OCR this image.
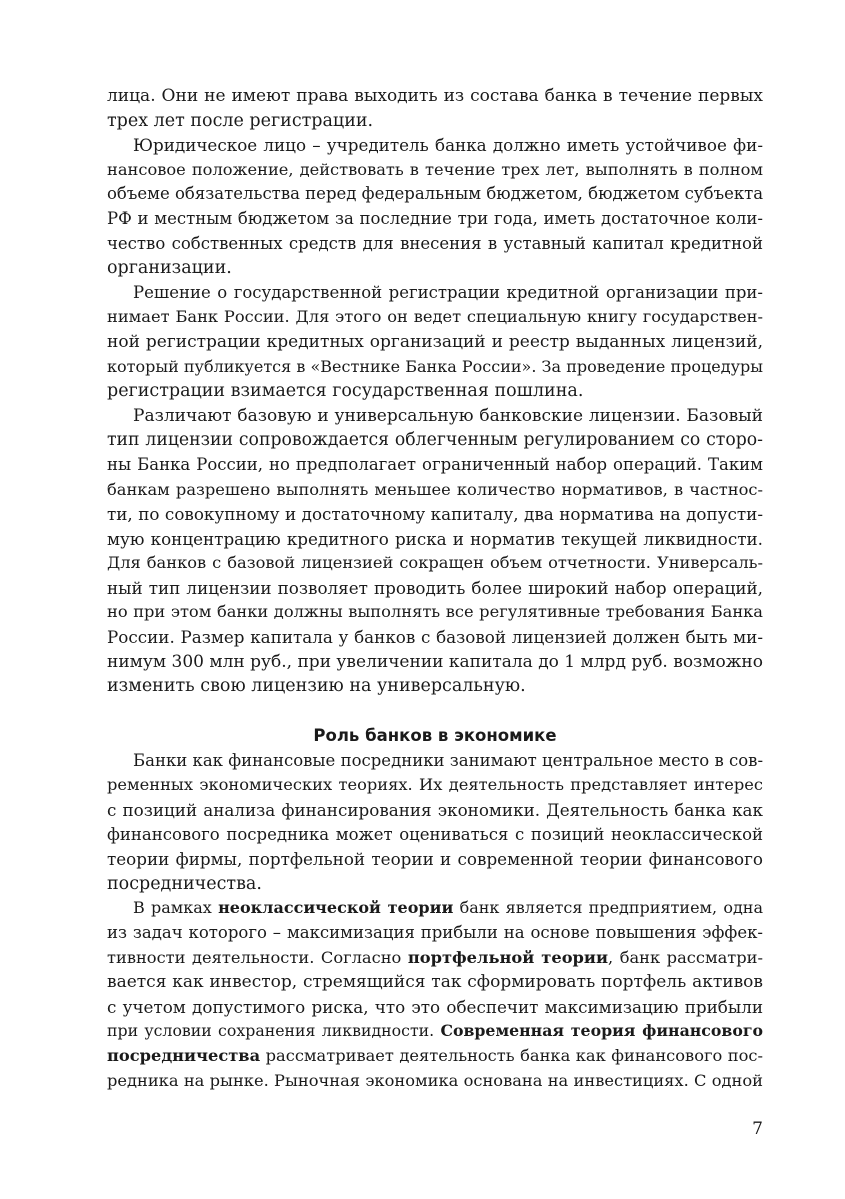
лица. Они не имеют права выходить из состава банка в течение первых
трех лет после регистрации.
Юридическое лицо – учредитель банка должно иметь устойчивое фи-
нансовое положение, действовать в течение трех лет, выполнять в полном
объеме обязательства перед федеральным бюджетом, бюджетом субъекта
РФ и местным бюджетом за последние три года, иметь достаточное коли-
чество собственных средств для внесения в уставный капитал кредитной
организации.
Решение о государственной регистрации кредитной организации при-
нимает Банк России. Для этого он ведет специальную книгу государствен-
ной регистрации кредитных организаций и реестр выданных лицензий,
который публикуется в «Вестнике Банка России». За проведение процедуры
регистрации взимается государственная пошлина.
Различают базовую и универсальную банковские лицензии. Базовый
тип лицензии сопровождается облегченным регулированием со сторо-
ны Банка России, но предполагает ограниченный набор операций. Таким
банкам разрешено выполнять меньшее количество нормативов, в частнос-
ти, по совокупному и достаточному капиталу, два норматива на допусти-
мую концентрацию кредитного риска и норматив текущей ликвидности.
Для банков с базовой лицензией сокращен объем отчетности. Универсаль-
ный тип лицензии позволяет проводить более широкий набор операций,
но при этом банки должны выполнять все регулятивные требования Банка
России. Размер капитала у банков с базовой лицензией должен быть ми-
нимум 300 млн руб., при увеличении капитала до 1 млрд руб. возможно
изменить свою лицензию на универсальную.
Роль банков в экономике
Банки как финансовые посредники занимают центральное место в сов-
ременных экономических теориях. Их деятельность представляет интерес
с позиций анализа финансирования экономики. Деятельность банка как
финансового посредника может оцениваться с позиций неоклассической
теории фирмы, портфельной теории и современной теории финансового
посредничества.
В рамках неоклассической теории банк является предприятием, одна
из задач которого – максимизация прибыли на основе повышения эффек-
тивности деятельности. Согласно портфельной теории, банк рассматри-
вается как инвестор, стремящийся так сформировать портфель активов
с учетом допустимого риска, что это обеспечит максимизацию прибыли
при условии сохранения ликвидности. Современная теория финансового
посредничества рассматривает деятельность банка как финансового пос-
редника на рынке. Рыночная экономика основана на инвестициях. С одной
7
